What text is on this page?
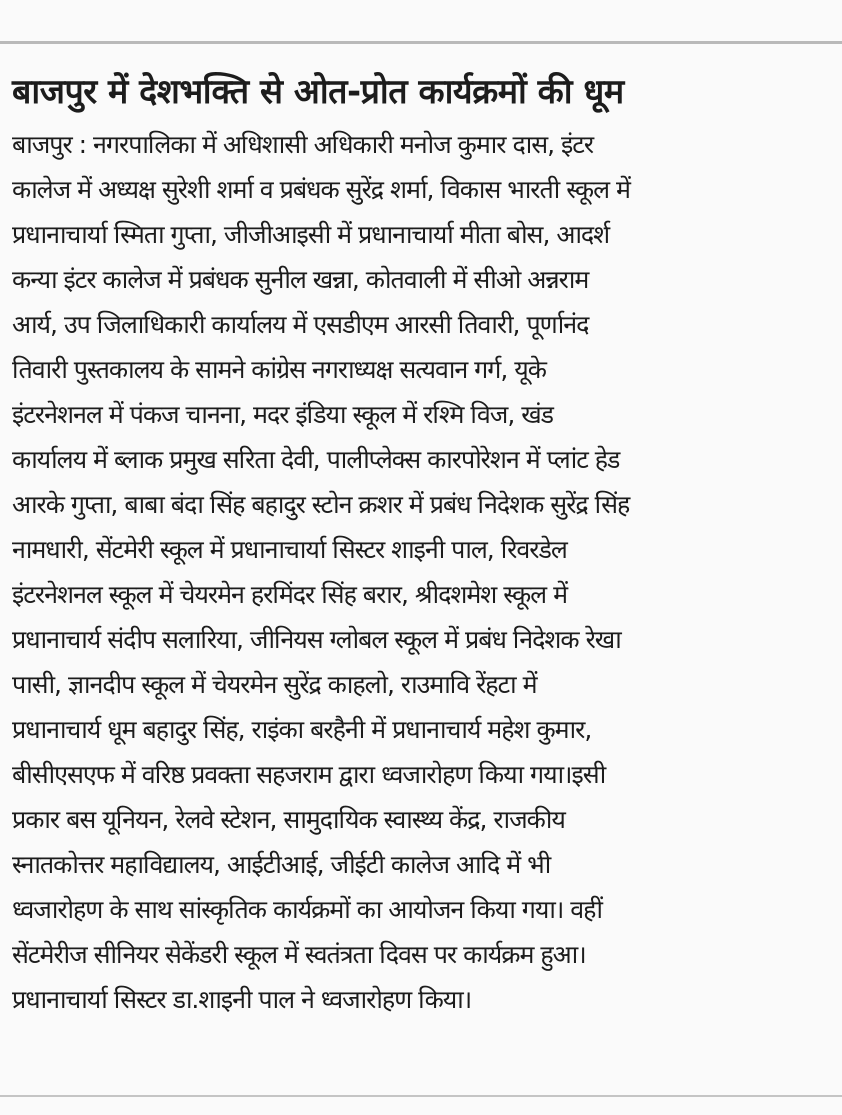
बाजपुर में देशभक्ति से ओत-प्रोत कार्यक्रमों की धूम
बाजपुर : नगरपालिका में अधिशासी अधिकारी मनोज कुमार दास, इंटर
कालेज में अध्यक्ष सुरेशी शर्मा व प्रबंधक सुरेंद्र शर्मा, विकास भारती स्कूल में
प्रधानाचार्या स्मिता गुप्ता, जीजीआइसी में प्रधानाचार्या मीता बोस, आदर्श
कन्या इंटर कालेज में प्रबंधक सुनील खन्ना, कोतवाली में सीओ अन्नराम
आर्य, उप जिलाधिकारी कार्यालय में एसडीएम आरसी तिवारी, पूर्णानंद
तिवारी पुस्तकालय के सामने कांग्रेस नगराध्यक्ष सत्यवान गर्ग, यूके
इंटरनेशनल में पंकज चानना, मदर इंडिया स्कूल में रश्मि विज, खंड
कार्यालय में ब्लाक प्रमुख सरिता देवी, पालीप्लेक्स कारपोरेशन में प्लांट हेड
आरके गुप्ता, बाबा बंदा सिंह बहादुर स्टोन क्रशर में प्रबंध निदेशक सुरेंद्र सिंह
नामधारी, सेंटमेरी स्कूल में प्रधानाचार्या सिस्टर शाइनी पाल, रिवरडेल
इंटरनेशनल स्कूल में चेयरमेन हरमिंदर सिंह बरार, श्रीदशमेश स्कूल में
प्रधानाचार्य संदीप सलारिया, जीनियस ग्लोबल स्कूल में प्रबंध निदेशक रेखा
पासी, ज्ञानदीप स्कूल में चेयरमेन सुरेंद्र काहलो, राउमावि रेंहटा में
प्रधानाचार्य धूम बहादुर सिंह, राइंका बरहैनी में प्रधानाचार्य महेश कुमार,
बीसीएसएफ में वरिष्ठ प्रवक्ता सहजराम द्वारा ध्वजारोहण किया गया।इसी
प्रकार बस यूनियन, रेलवे स्टेशन, सामुदायिक स्वास्थ्य केंद्र, राजकीय
स्नातकोत्तर महाविद्यालय, आईटीआई, जीईटी कालेज आदि में भी
ध्वजारोहण के साथ सांस्कृतिक कार्यक्रमों का आयोजन किया गया। वहीं
सेंटमेरीज सीनियर सेकेंडरी स्कूल में स्वतंत्रता दिवस पर कार्यक्रम हुआ।
प्रधानाचार्या सिस्टर डा.शाइनी पाल ने ध्वजारोहण किया।
